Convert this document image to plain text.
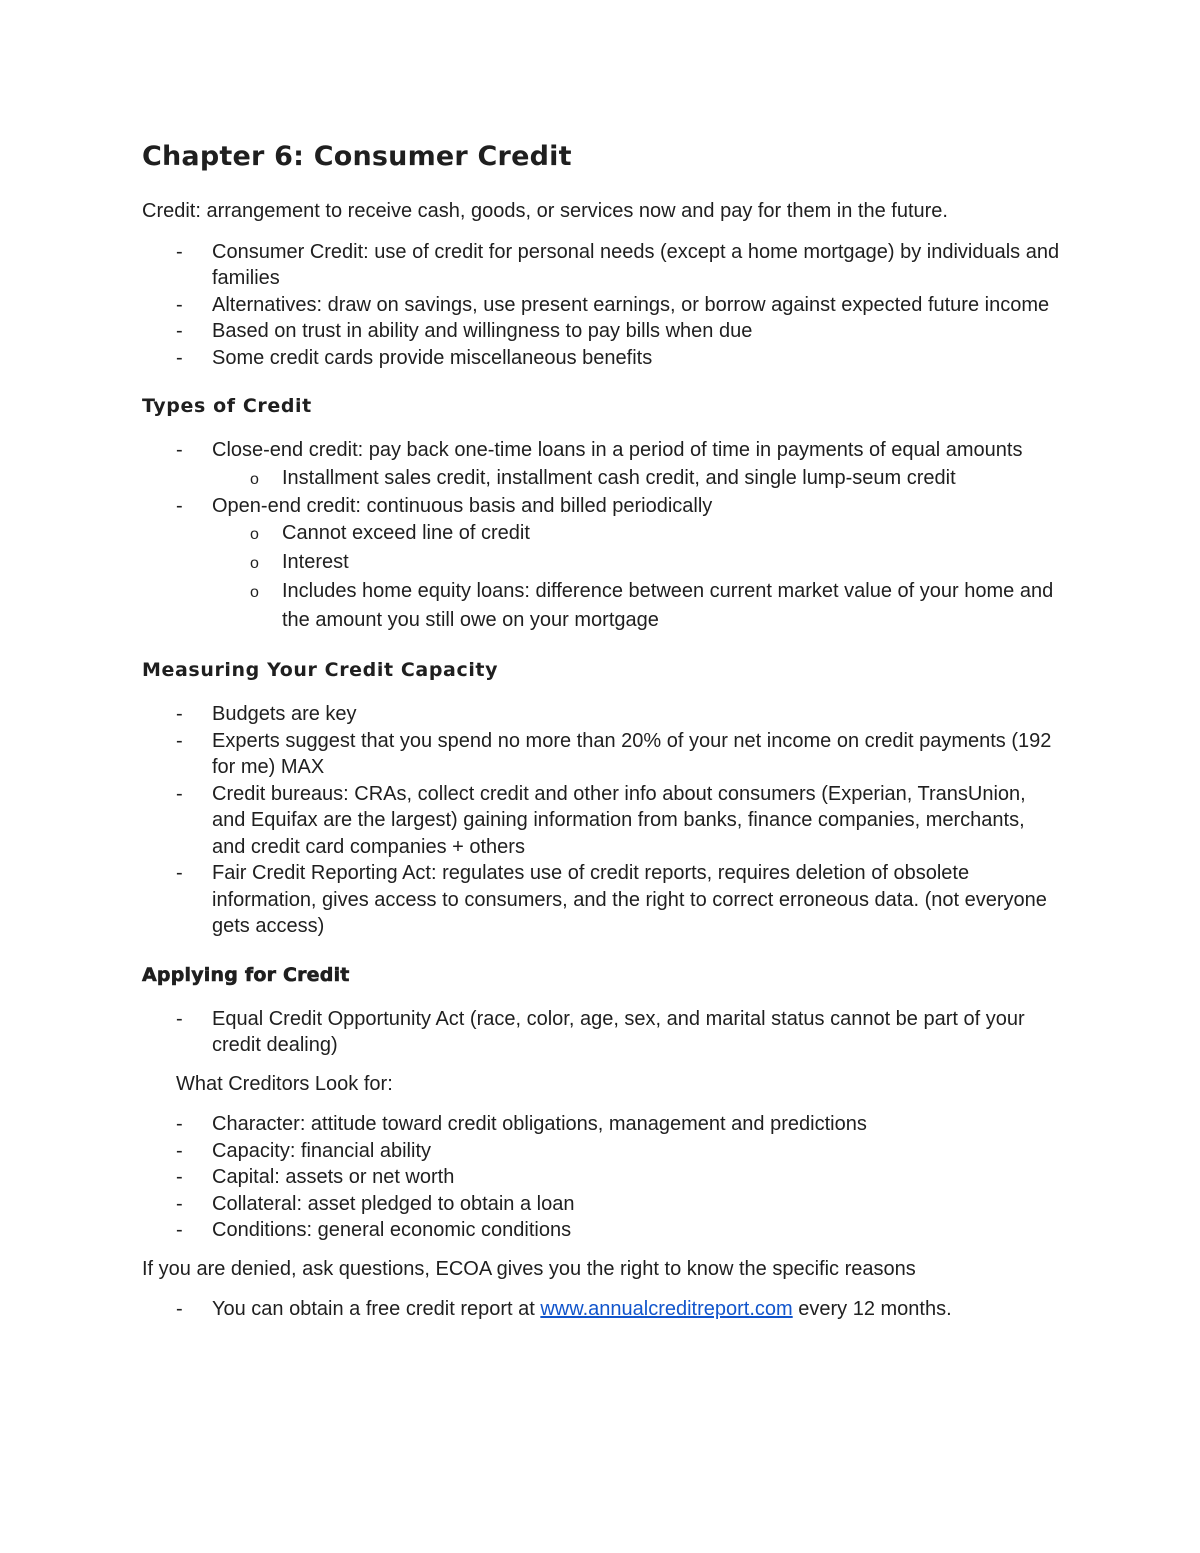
Chapter 6: Consumer Credit

Credit: arrangement to receive cash, goods, or services now and pay for them in the future.

- Consumer Credit: use of credit for personal needs (except a home mortgage) by individuals and families
- Alternatives: draw on savings, use present earnings, or borrow against expected future income
- Based on trust in ability and willingness to pay bills when due
- Some credit cards provide miscellaneous benefits
Types of Credit
- Close-end credit: pay back one-time loans in a period of time in payments of equal amounts
o Installment sales credit, installment cash credit, and single lump-seum credit
- Open-end credit: continuous basis and billed periodically
o Cannot exceed line of credit
o Interest
o Includes home equity loans: difference between current market value of your home and the amount you still owe on your mortgage
Measuring Your Credit Capacity
- Budgets are key
- Experts suggest that you spend no more than 20% of your net income on credit payments (192 for me) MAX
- Credit bureaus: CRAs, collect credit and other info about consumers (Experian, TransUnion, and Equifax are the largest) gaining information from banks, finance companies, merchants, and credit card companies + others
- Fair Credit Reporting Act: regulates use of credit reports, requires deletion of obsolete information, gives access to consumers, and the right to correct erroneous data. (not everyone gets access)
Applying for Credit
- Equal Credit Opportunity Act (race, color, age, sex, and marital status cannot be part of your credit dealing)

What Creditors Look for:

- Character: attitude toward credit obligations, management and predictions
- Capacity: financial ability
- Capital: assets or net worth
- Collateral: asset pledged to obtain a loan
- Conditions: general economic conditions

If you are denied, ask questions, ECOA gives you the right to know the specific reasons

- You can obtain a free credit report at www.annualcreditreport.com every 12 months.
